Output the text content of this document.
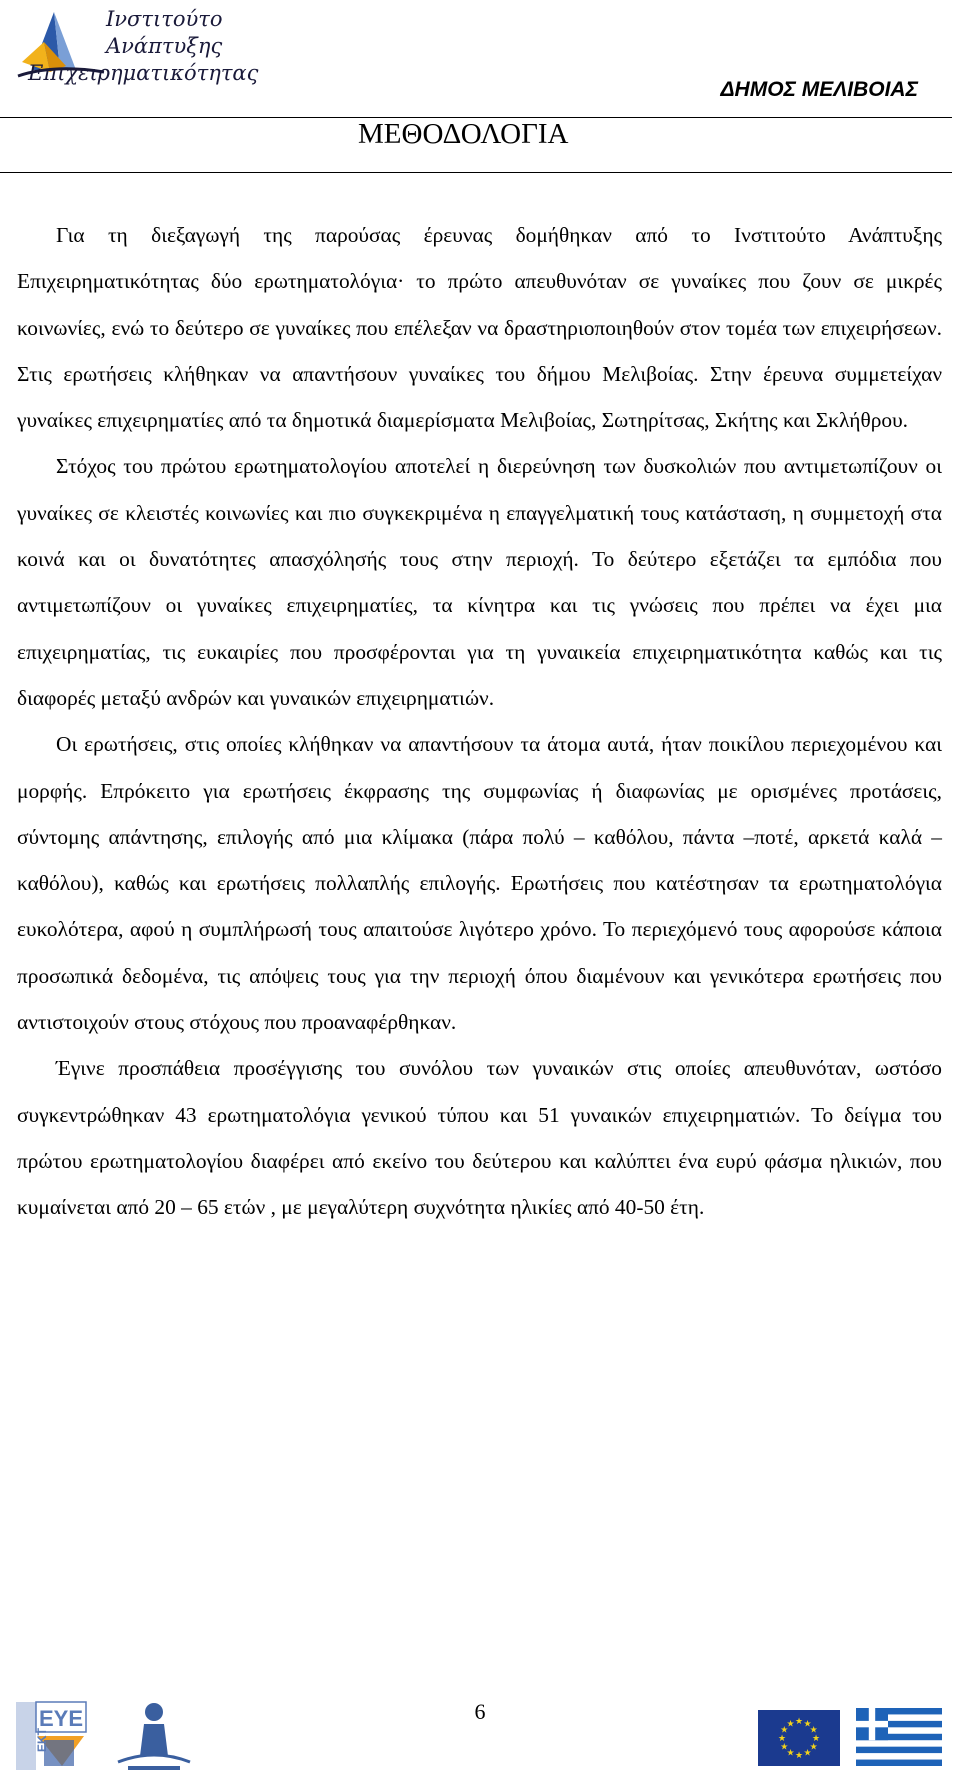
Ινστιτούτο
Ανάπτυξης
Επιχειρηματικότητας
ΔΗΜΟΣ ΜΕΛΙΒΟΙΑΣ
ΜΕΘΟΔΟΛΟΓΙΑ

Για τη διεξαγωγή της παρούσας έρευνας δομήθηκαν από το Ινστιτούτο Ανάπτυξης Επιχειρηματικότητας δύο ερωτηματολόγια· το πρώτο απευθυνόταν σε γυναίκες που ζουν σε μικρές κοινωνίες, ενώ το δεύτερο σε γυναίκες που επέλεξαν να δραστηριοποιηθούν στον τομέα των επιχειρήσεων. Στις ερωτήσεις κλήθηκαν να απαντήσουν γυναίκες του δήμου Μελιβοίας. Στην έρευνα συμμετείχαν γυναίκες επιχειρηματίες από τα δημοτικά διαμερίσματα Μελιβοίας, Σωτηρίτσας, Σκήτης και Σκλήθρου.

Στόχος του πρώτου ερωτηματολογίου αποτελεί η διερεύνηση των δυσκολιών που αντιμετωπίζουν οι γυναίκες σε κλειστές κοινωνίες και πιο συγκεκριμένα η επαγγελματική τους κατάσταση, η συμμετοχή στα κοινά και οι δυνατότητες απασχόλησής τους στην περιοχή. Το δεύτερο εξετάζει τα εμπόδια που αντιμετωπίζουν οι γυναίκες επιχειρηματίες, τα κίνητρα και τις γνώσεις που πρέπει να έχει μια επιχειρηματίας, τις ευκαιρίες που προσφέρονται για τη γυναικεία επιχειρηματικότητα καθώς και τις διαφορές μεταξύ ανδρών και γυναικών επιχειρηματιών.

Οι ερωτήσεις, στις οποίες κλήθηκαν να απαντήσουν τα άτομα αυτά, ήταν ποικίλου περιεχομένου και μορφής. Επρόκειτο για ερωτήσεις έκφρασης της συμφωνίας ή διαφωνίας με ορισμένες προτάσεις, σύντομης απάντησης, επιλογής από μια κλίμακα (πάρα πολύ – καθόλου, πάντα –ποτέ, αρκετά καλά – καθόλου), καθώς και ερωτήσεις πολλαπλής επιλογής. Ερωτήσεις που κατέστησαν τα ερωτηματολόγια ευκολότερα, αφού η συμπλήρωσή τους απαιτούσε λιγότερο χρόνο. Το περιεχόμενό τους αφορούσε κάποια προσωπικά δεδομένα, τις απόψεις τους για την περιοχή όπου διαμένουν και γενικότερα ερωτήσεις που αντιστοιχούν στους στόχους που προαναφέρθηκαν.

Έγινε προσπάθεια προσέγγισης του συνόλου των γυναικών στις οποίες απευθυνόταν, ωστόσο συγκεντρώθηκαν 43 ερωτηματολόγια γενικού τύπου και 51 γυναικών επιχειρηματιών. Το δείγμα του πρώτου ερωτηματολογίου διαφέρει από εκείνο του δεύτερου και καλύπτει ένα ευρύ φάσμα ηλικιών, που κυμαίνεται από 20 – 65 ετών , με μεγαλύτερη συχνότητα ηλικίες από 40-50 έτη.

ΕΥΕ
ΕΚΤ
6	★ ★
★
★
★
★
★
★
★
★
★
★
